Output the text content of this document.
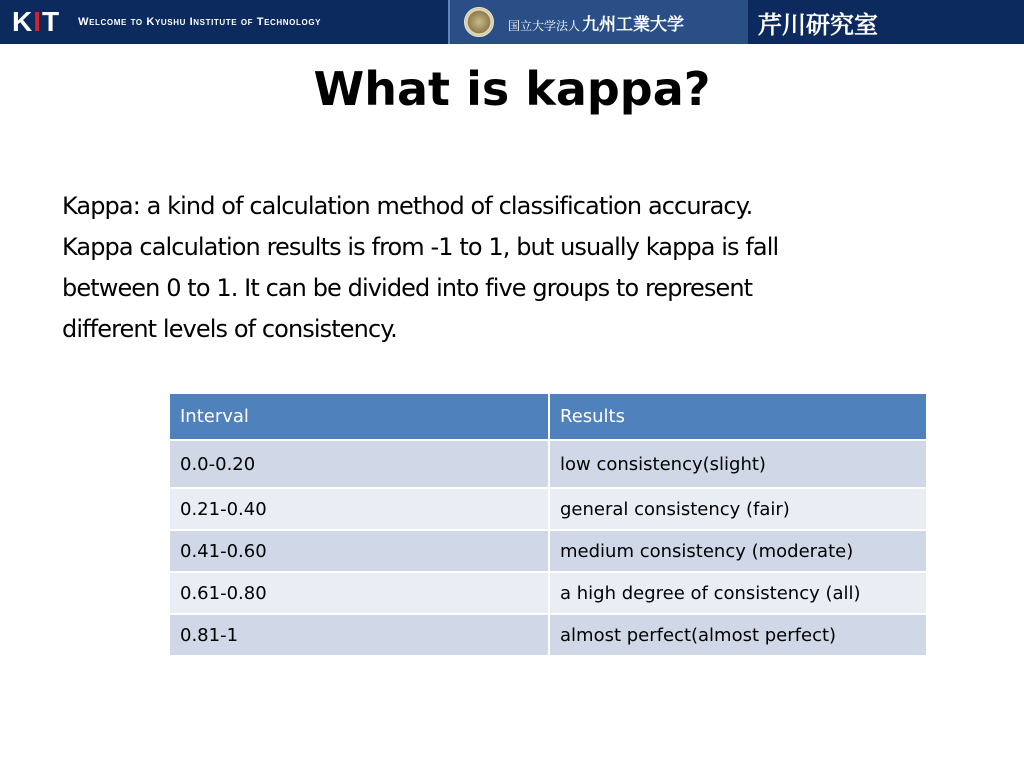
KIT Welcome to Kyushu Institute of Technology	国立大学法人 九州工業大学	芹川研究室
What is kappa?

Kappa: a kind of calculation method of classification accuracy.

Kappa calculation results is from -1 to 1, but usually kappa is fall

between 0 to 1. It can be divided into five groups to represent

different levels of consistency.

Interval	Results
0.0-0.20	low consistency(slight)
0.21-0.40	general consistency (fair)
0.41-0.60	medium consistency (moderate)
0.61-0.80	a high degree of consistency (all)
0.81-1	almost perfect(almost perfect)
